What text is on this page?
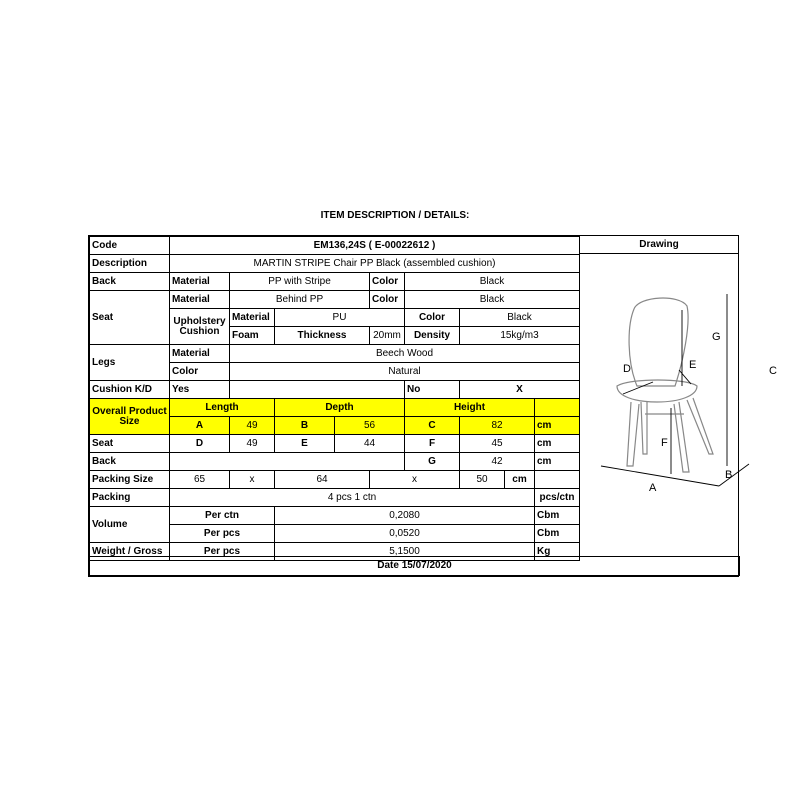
ITEM DESCRIPTION / DETAILS:
Code	EM136,24S ( E-00022612 )								
Description	MARTIN STRIPE Chair PP Black (assembled cushion)								
Back	Material	PP with Stripe			Color	Black			
Seat	Material	Behind PP			Color	Black			
	Upholstery Cushion	Material	PU			Color	Black		
		Foam	Thickness		20mm	Density	15kg/m3		
Legs	Material	Beech Wood							
	Color	Natural							
Cushion K/D	Yes					No	X		
Overall Product Size	Length		Depth			Height			
	A	49	B	56		C	82		cm
Seat	D	49	E	44		F	45		cm
Back						G	42		cm
Packing Size	65	x	64		x		50	cm	
Packing	4 pcs 1 ctn								pcs/ctn
Volume	Per ctn		0,2080						Cbm
	Per pcs		0,0520						Cbm
Weight / Gross	Per pcs		5,1500						Kg
Drawing
G
C
D	E
F
A
B
Date 15/07/2020
